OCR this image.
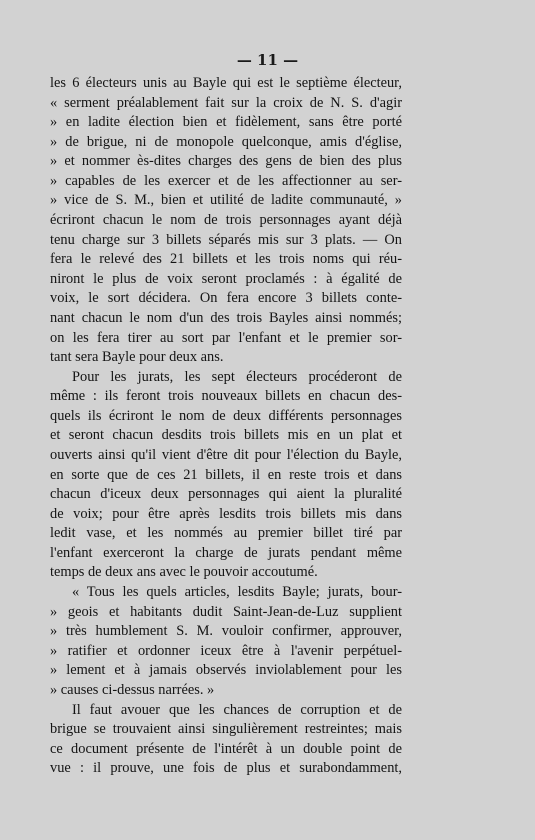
— 11 —
les 6 électeurs unis au Bayle qui est le septième électeur,
« serment préalablement fait sur la croix de N. S. d'agir
» en ladite élection bien et fidèlement, sans être porté
» de brigue, ni de monopole quelconque, amis d'église,
» et nommer ès-dites charges des gens de bien des plus
» capables de les exercer et de les affectionner au ser-
» vice de S. M., bien et utilité de ladite communauté, »
écriront chacun le nom de trois personnages ayant déjà
tenu charge sur 3 billets séparés mis sur 3 plats. — On
fera le relevé des 21 billets et les trois noms qui réu-
niront le plus de voix seront proclamés : à égalité de
voix, le sort décidera. On fera encore 3 billets conte-
nant chacun le nom d'un des trois Bayles ainsi nommés;
on les fera tirer au sort par l'enfant et le premier sor-
tant sera Bayle pour deux ans.
Pour les jurats, les sept électeurs procéderont de
même : ils feront trois nouveaux billets en chacun des-
quels ils écriront le nom de deux différents personnages
et seront chacun desdits trois billets mis en un plat et
ouverts ainsi qu'il vient d'être dit pour l'élection du Bayle,
en sorte que de ces 21 billets, il en reste trois et dans
chacun d'iceux deux personnages qui aient la pluralité
de voix; pour être après lesdits trois billets mis dans
ledit vase, et les nommés au premier billet tiré par
l'enfant exerceront la charge de jurats pendant même
temps de deux ans avec le pouvoir accoutumé.
« Tous les quels articles, lesdits Bayle; jurats, bour-
» geois et habitants dudit Saint-Jean-de-Luz supplient
» très humblement S. M. vouloir confirmer, approuver,
» ratifier et ordonner iceux être à l'avenir perpétuel-
» lement et à jamais observés inviolablement pour les
» causes ci-dessus narrées. »
Il faut avouer que les chances de corruption et de
brigue se trouvaient ainsi singulièrement restreintes; mais
ce document présente de l'intérêt à un double point de
vue : il prouve, une fois de plus et surabondamment,
